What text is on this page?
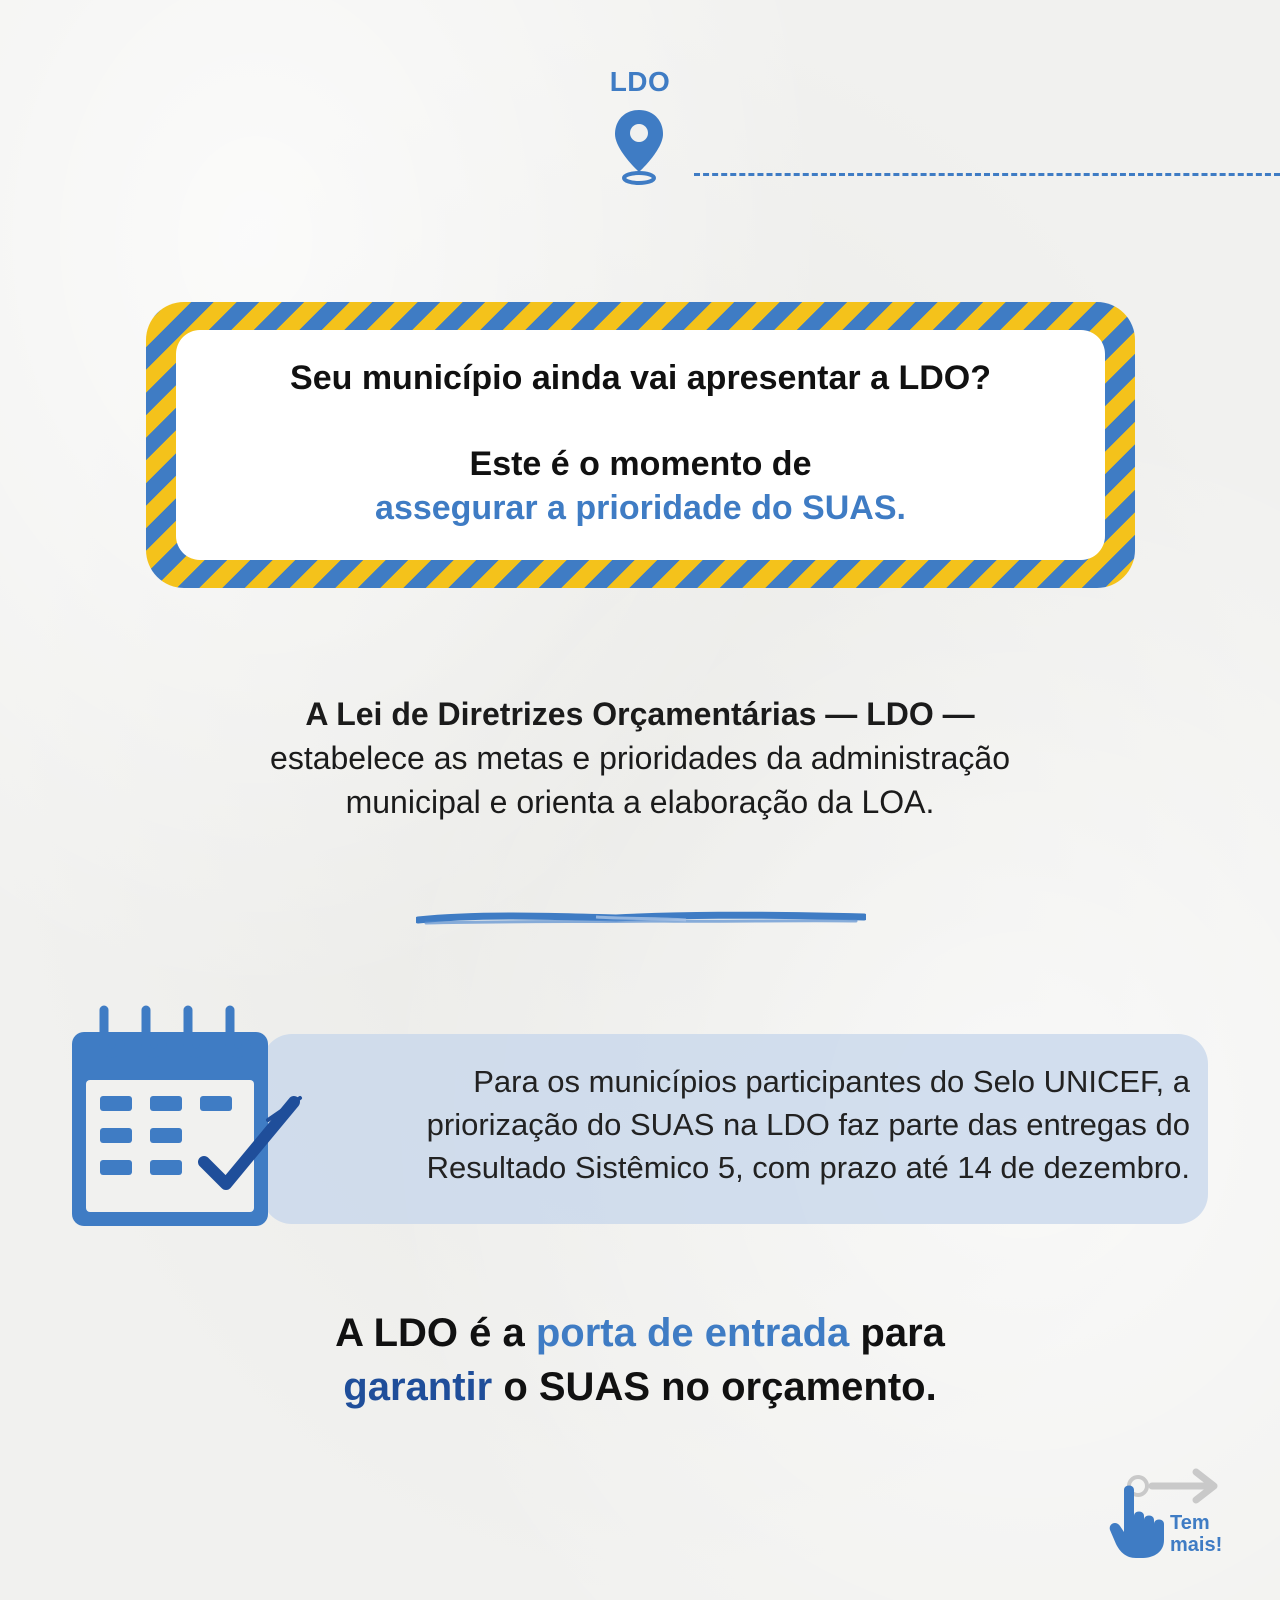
LDO
Seu município ainda vai apresentar a LDO?
Este é o momento de
assegurar a prioridade do SUAS.
A Lei de Diretrizes Orçamentárias — LDO —
estabelece as metas e prioridades da administração
municipal e orienta a elaboração da LOA.
Para os municípios participantes do Selo UNICEF, a
priorização do SUAS na LDO faz parte das entregas do
Resultado Sistêmico 5, com prazo até 14 de dezembro.
A LDO é a porta de entrada para
garantir o SUAS no orçamento.
Tem
mais!
